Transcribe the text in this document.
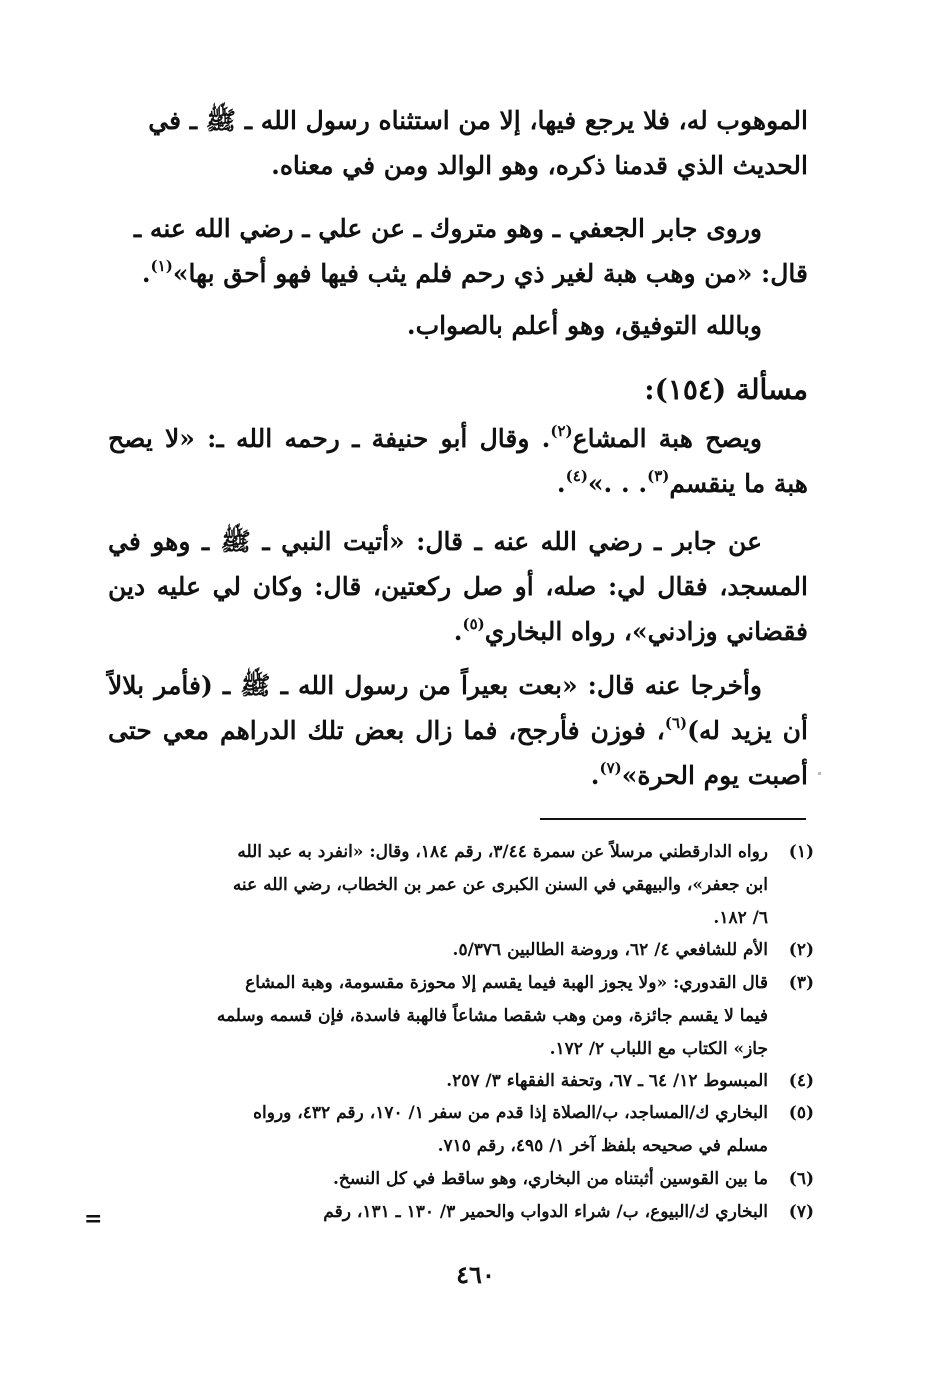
الموهوب له، فلا يرجع فيها، إلا من استثناه رسول الله ـ ﷺ ـ في

الحديث الذي قدمنا ذكره، وهو الوالد ومن في معناه.

وروى جابر الجعفي ـ وهو متروك ـ عن علي ـ رضي الله عنه ـ

قال: «من وهب هبة لغير ذي رحم فلم يثب فيها فهو أحق بها»$^{(١)}$.

وبالله التوفيق، وهو أعلم بالصواب.

مسألة (١٥٤):

ويصح هبة المشاع$^{(٢)}$. وقال أبو حنيفة ـ رحمه الله ـ: «لا يصح هبة ما ينقسم$^{(٣)}$. . .»$^{(٤)}$.

عن جابر ـ رضي الله عنه ـ قال: «أتيت النبي ـ ﷺ ـ وهو في المسجد، فقال لي: صله، أو صل ركعتين، قال: وكان لي عليه دين فقضاني وزادني»، رواه البخاري$^{(٥)}$.

وأخرجا عنه قال: «بعت بعيراً من رسول الله ـ ﷺ ـ (فأمر بلالاً أن يزيد له)$^{(٦)}$، فوزن فأرجح، فما زال بعض تلك الدراهم معي حتى أصبت يوم الحرة»$^{(٧)}$.

(١)
رواه الدارقطني مرسلاً عن سمرة ٣/٤٤، رقم ١٨٤، وقال: «انفرد به عبد الله
ابن جعفر»، والبيهقي في السنن الكبرى عن عمر بن الخطاب، رضي الله عنه
٦/ ١٨٢.
(٢)
الأم للشافعي ٤/ ٦٢، وروضة الطالبين ٥/٣٧٦.
(٣)
قال القدوري: «ولا يجوز الهبة فيما يقسم إلا محوزة مقسومة، وهبة المشاع
فيما لا يقسم جائزة، ومن وهب شقصا مشاعاً فالهبة فاسدة، فإن قسمه وسلمه
جاز» الكتاب مع اللباب ٢/ ١٧٢.
(٤)
المبسوط ١٢/ ٦٤ ـ ٦٧، وتحفة الفقهاء ٣/ ٢٥٧.
(٥)
البخاري ك/المساجد، ب/الصلاة إذا قدم من سفر ١/ ١٧٠، رقم ٤٣٢، ورواه
مسلم في صحيحه بلفظ آخر ١/ ٤٩٥، رقم ٧١٥.
(٦)
ما بين القوسين أثبتناه من البخاري، وهو ساقط في كل النسخ.
(٧)
البخاري ك/البيوع، ب/ شراء الدواب والحمير ٣/ ١٣٠ ـ ١٣١، رقم
=
٤٦٠
